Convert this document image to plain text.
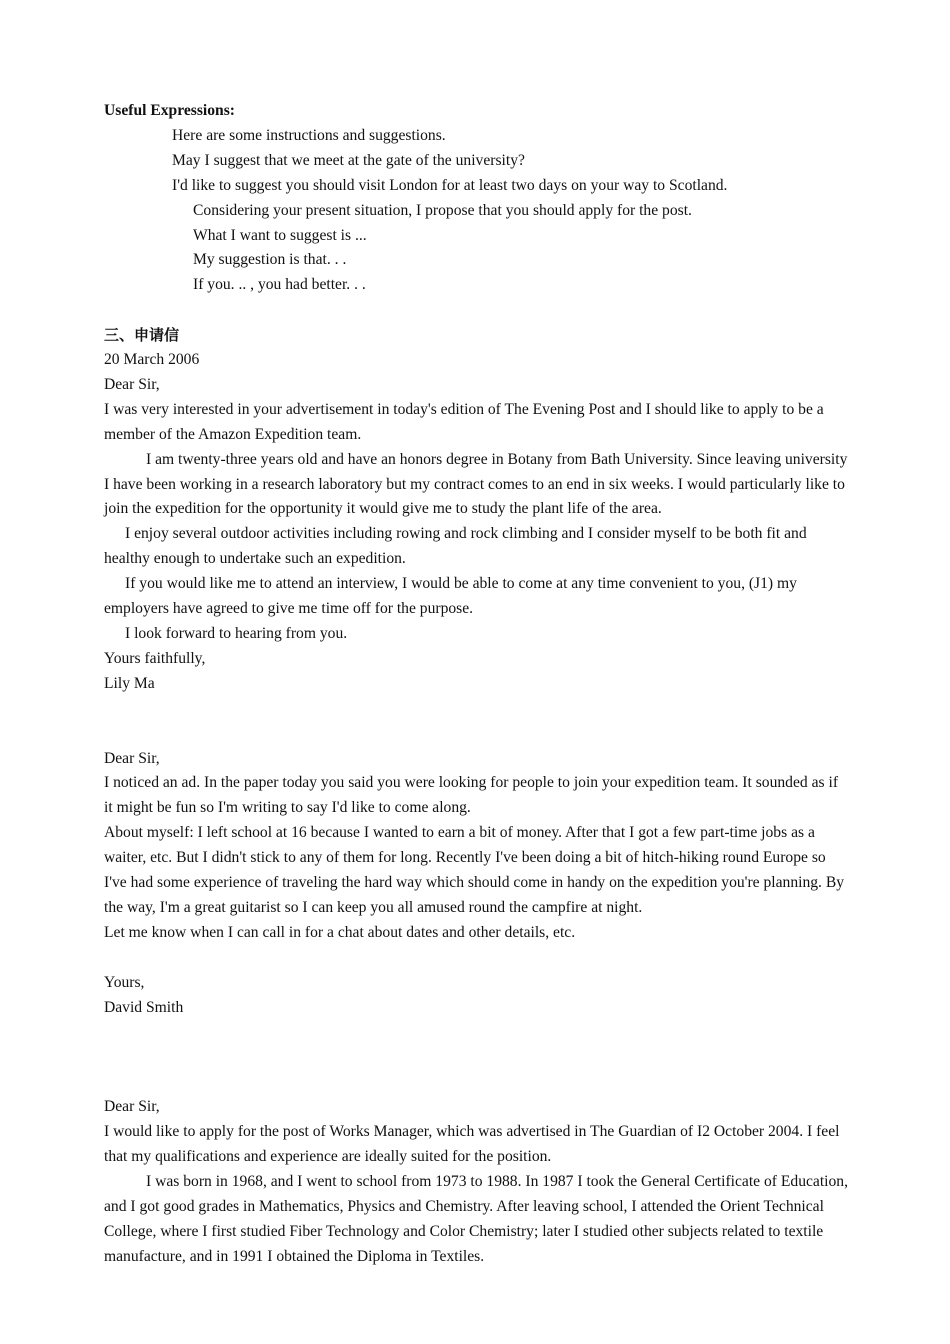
Useful Expressions:
Here are some instructions and suggestions.
May I suggest that we meet at the gate of the university?
I'd like to suggest you should visit London for at least two days on your way to Scotland.
Considering your present situation, I propose that you should apply for the post.
What I want to suggest is ...
My suggestion is that. . .
If you. .. , you had better. . .
三、申请信
20 March 2006
Dear Sir,

I was very interested in your advertisement in today's edition of The Evening Post and I should like to apply to be a member of the Amazon Expedition team.

I am twenty-three years old and have an honors degree in Botany from Bath University. Since leaving university I have been working in a research laboratory but my contract comes to an end in six weeks. I would particularly like to join the expedition for the opportunity it would give me to study the plant life of the area.

I enjoy several outdoor activities including rowing and rock climbing and I consider myself to be both fit and healthy enough to undertake such an expedition.

If you would like me to attend an interview, I would be able to come at any time convenient to you, (J1) my employers have agreed to give me time off for the purpose.

I look forward to hearing from you.

Yours faithfully,
Lily Ma
Dear Sir,

I noticed an ad. In the paper today you said you were looking for people to join your expedition team. It sounded as if it might be fun so I'm writing to say I'd like to come along.

About myself: I left school at 16 because I wanted to earn a bit of money. After that I got a few part-time jobs as a waiter, etc. But I didn't stick to any of them for long. Recently I've been doing a bit of hitch-hiking round Europe so I've had some experience of traveling the hard way which should come in handy on the expedition you're planning. By the way, I'm a great guitarist so I can keep you all amused round the campfire at night.

Let me know when I can call in for a chat about dates and other details, etc.

Yours,
David Smith
Dear Sir,

I would like to apply for the post of Works Manager, which was advertised in The Guardian of I2 October 2004. I feel that my qualifications and experience are ideally suited for the position.

I was born in 1968, and I went to school from 1973 to 1988. In 1987 I took the General Certificate of Education, and I got good grades in Mathematics, Physics and Chemistry. After leaving school, I attended the Orient Technical College, where I first studied Fiber Technology and Color Chemistry; later I studied other subjects related to textile manufacture, and in 1991 I obtained the Diploma in Textiles.
